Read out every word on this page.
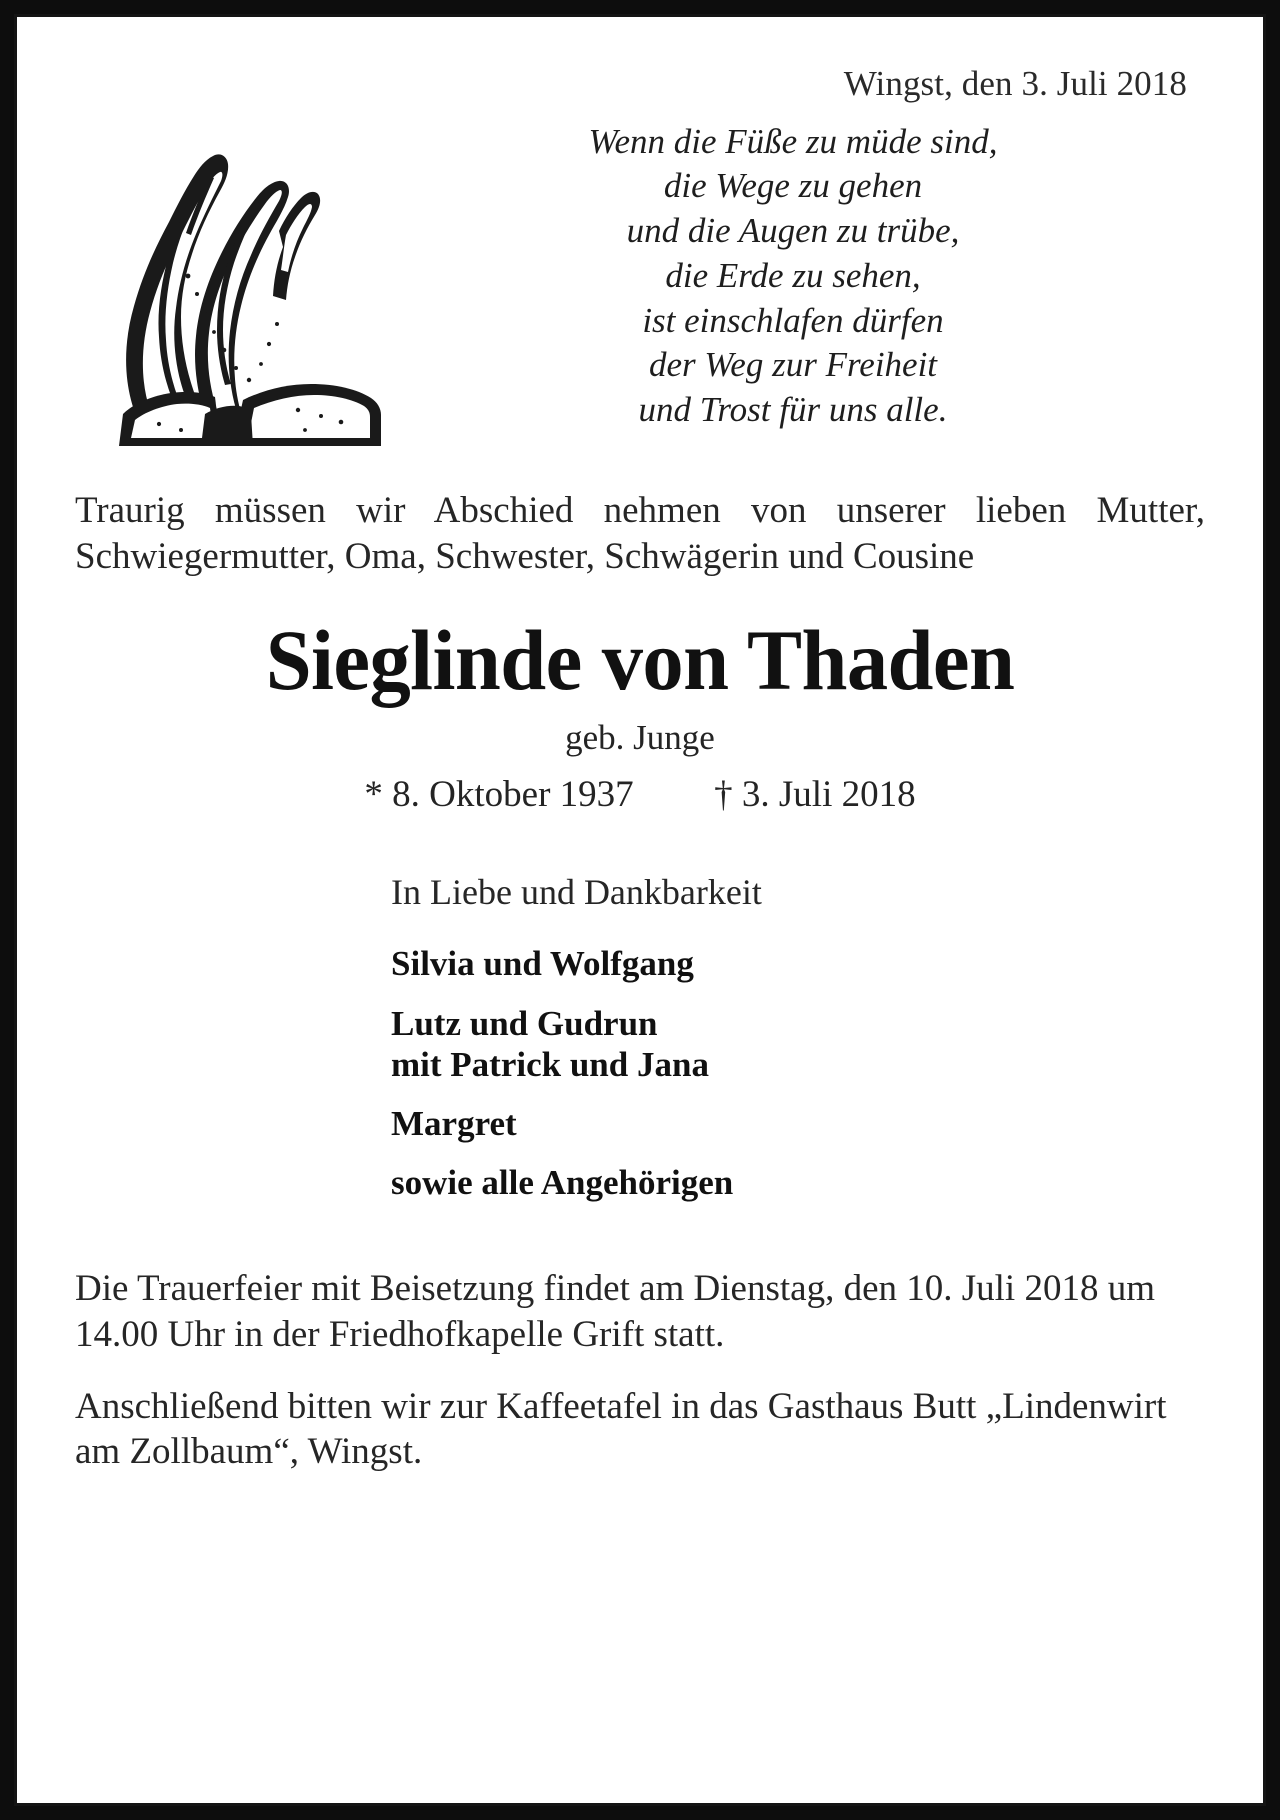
Wingst, den 3. Juli 2018
Wenn die Füße zu müde sind,
die Wege zu gehen
und die Augen zu trübe,
die Erde zu sehen,
ist einschlafen dürfen
der Weg zur Freiheit
und Trost für uns alle.
Traurig müssen wir Abschied nehmen von unserer lieben Mutter, Schwiegermutter, Oma, Schwester, Schwägerin und Cousine
Sieglinde von Thaden
geb. Junge
* 8. Oktober 1937 † 3. Juli 2018
In Liebe und Dankbarkeit
Silvia und Wolfgang
Lutz und Gudrun
mit Patrick und Jana
Margret
sowie alle Angehörigen

Die Trauerfeier mit Beisetzung findet am Dienstag, den 10. Juli 2018 um 14.00 Uhr in der Friedhofkapelle Grift statt.

Anschließend bitten wir zur Kaffeetafel in das Gasthaus Butt „Lindenwirt am Zollbaum“, Wingst.
